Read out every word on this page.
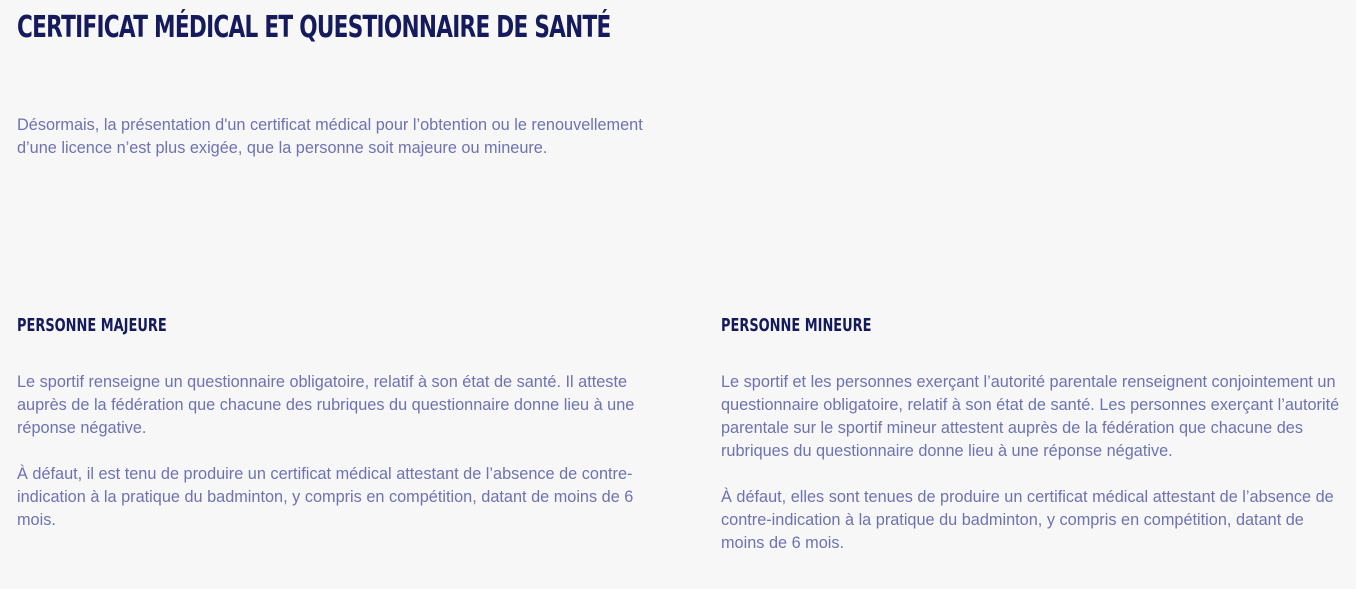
CERTIFICAT MÉDICAL ET QUESTIONNAIRE DE SANTÉ

Désormais, la présentation d'un certificat médical pour l’obtention ou le renouvellement d’une licence n’est plus exigée, que la personne soit majeure ou mineure.

PERSONNE MAJEURE

Le sportif renseigne un questionnaire obligatoire, relatif à son état de santé. Il atteste auprès de la fédération que chacune des rubriques du questionnaire donne lieu à une réponse négative.

À défaut, il est tenu de produire un certificat médical attestant de l’absence de contre-indication à la pratique du badminton, y compris en compétition, datant de moins de 6 mois.

PERSONNE MINEURE

Le sportif et les personnes exerçant l’autorité parentale renseignent conjointement un questionnaire obligatoire, relatif à son état de santé. Les personnes exerçant l’autorité parentale sur le sportif mineur attestent auprès de la fédération que chacune des rubriques du questionnaire donne lieu à une réponse négative.

À défaut, elles sont tenues de produire un certificat médical attestant de l’absence de contre-indication à la pratique du badminton, y compris en compétition, datant de moins de 6 mois.
